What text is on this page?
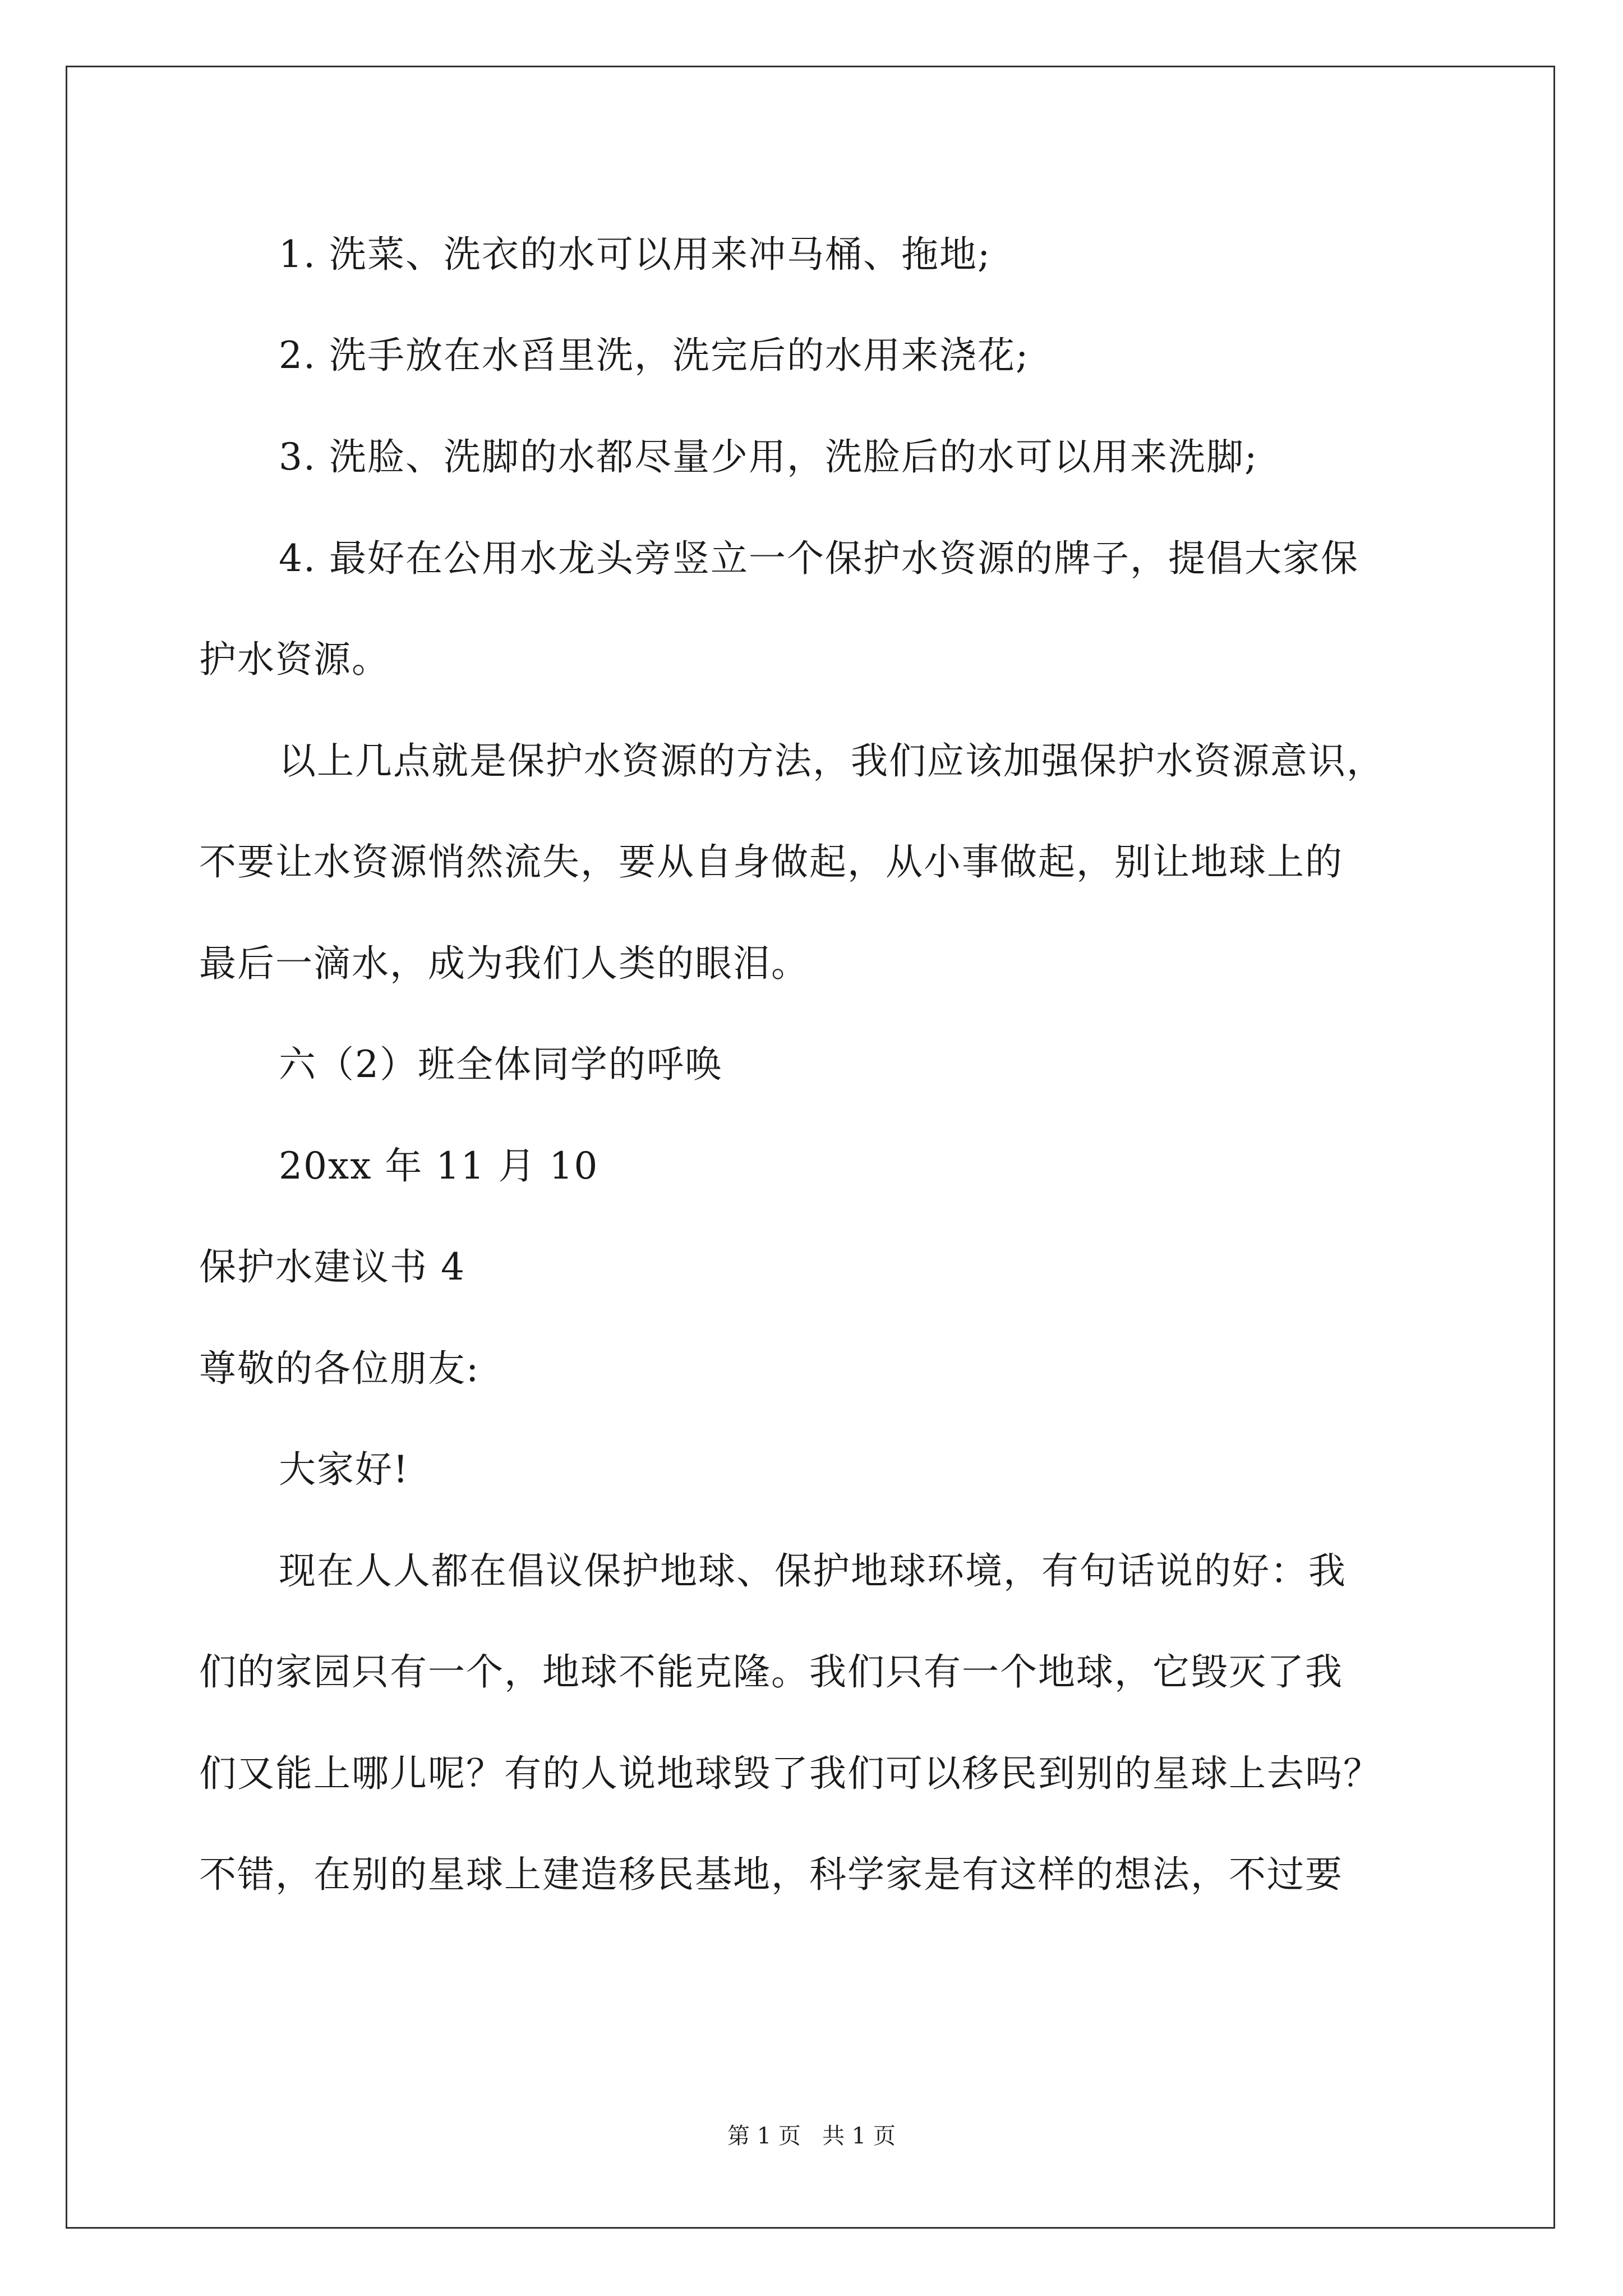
1. 洗菜、洗衣的水可以用来冲马桶、拖地;
2. 洗手放在水舀里洗，洗完后的水用来浇花;
3. 洗脸、洗脚的水都尽量少用，洗脸后的水可以用来洗脚;
4. 最好在公用水龙头旁竖立一个保护水资源的牌子，提倡大家保
护水资源。
以上几点就是保护水资源的方法，我们应该加强保护水资源意识，
不要让水资源悄然流失，要从自身做起，从小事做起，别让地球上的
最后一滴水，成为我们人类的眼泪。
六（2）班全体同学的呼唤
20xx 年 11 月 10
保护水建议书 4
尊敬的各位朋友:
大家好!
现在人人都在倡议保护地球、保护地球环境，有句话说的好：我
们的家园只有一个，地球不能克隆。我们只有一个地球，它毁灭了我
们又能上哪儿呢？有的人说地球毁了我们可以移民到别的星球上去吗？
不错，在别的星球上建造移民基地，科学家是有这样的想法，不过要
第 1 页   共 1 页
